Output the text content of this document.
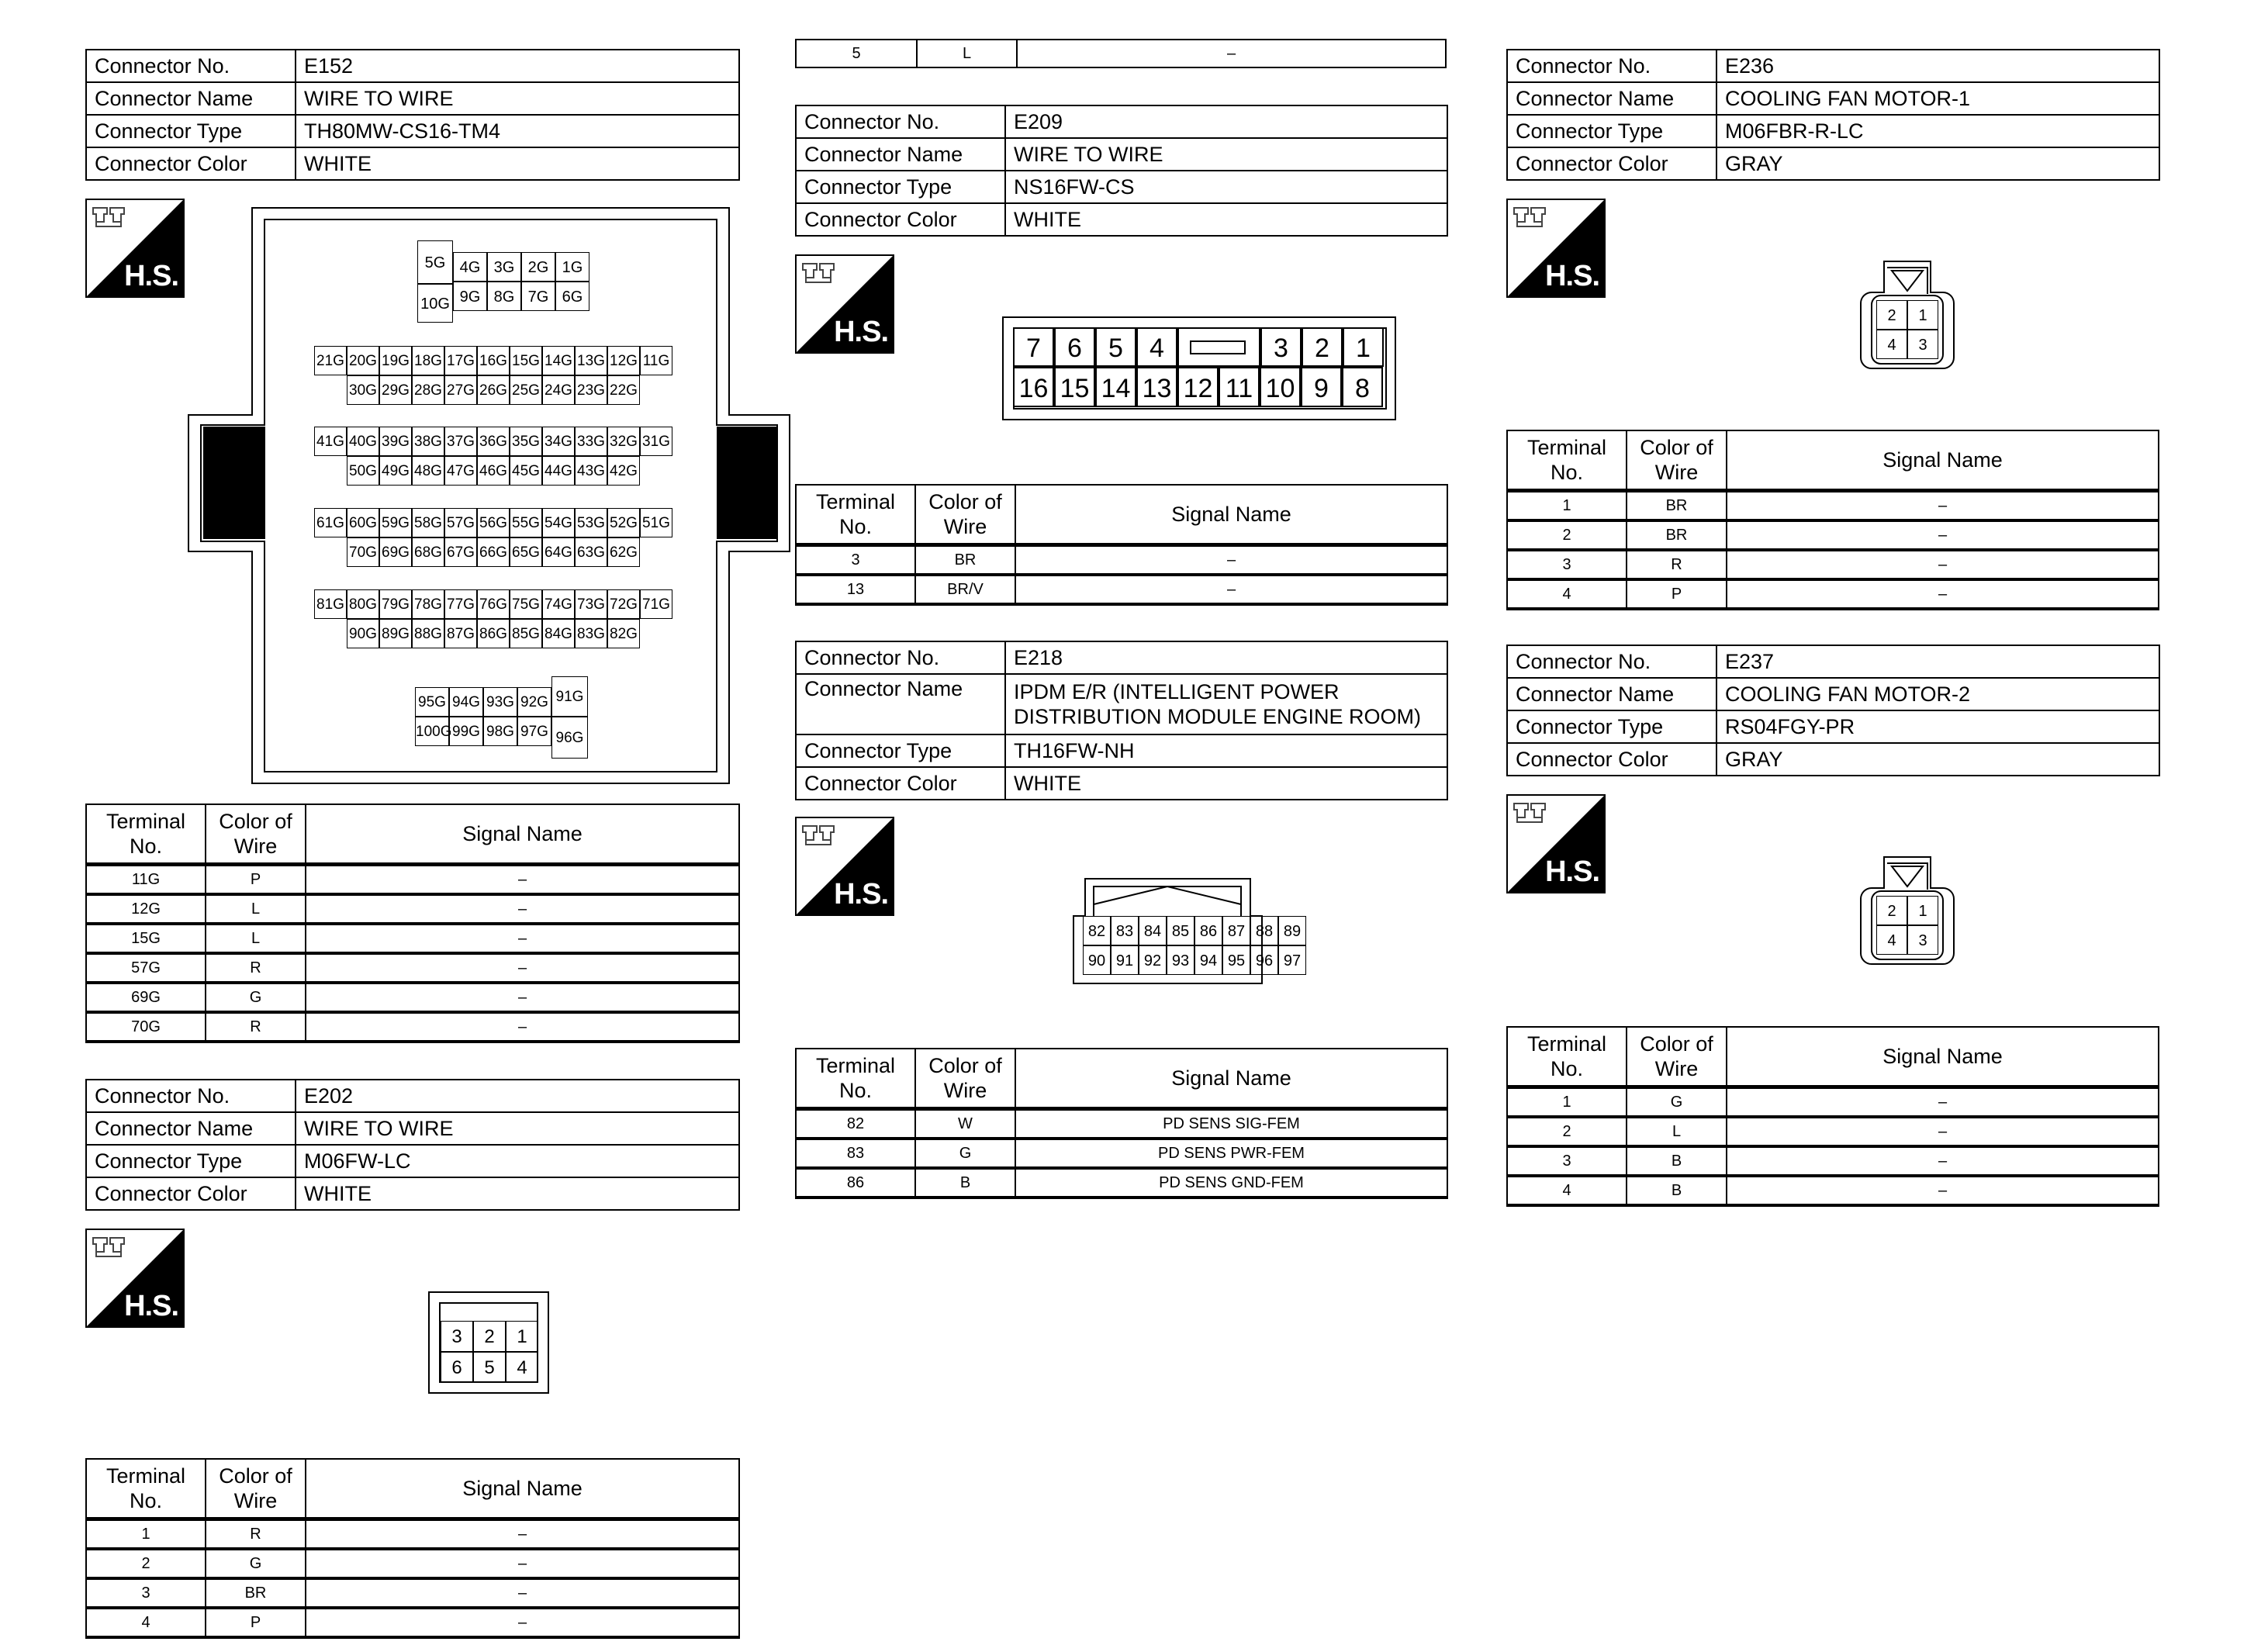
Connector No.	E152
Connector Name	WIRE TO WIRE
Connector Type	TH80MW-CS16-TM4
Connector Color	WHITE
H.S.	5G
10G
4G 3G 2G 1G
9G 8G 7G 6G
21G 20G 19G 18G 17G 16G 15G 14G 13G 12G 11G
30G 29G 28G 27G 26G 25G 24G 23G 22G
41G 40G 39G 38G 37G 36G 35G 34G 33G 32G 31G
50G 49G 48G 47G 46G 45G 44G 43G 42G
61G 60G 59G 58G 57G 56G 55G 54G 53G 52G 51G
70G 69G 68G 67G 66G 65G 64G 63G 62G
81G 80G 79G 78G 77G 76G 75G 74G 73G 72G 71G
90G 89G 88G 87G 86G 85G 84G 83G 82G
95G 94G 93G 92G
100G 99G 98G 97G
91G
96G
Terminal No.	Color of Wire	Signal Name
11G	P	–
12G	L	–
15G	L	–
57G	R	–
69G	G	–
70G	R	–
Connector No.	E202
Connector Name	WIRE TO WIRE
Connector Type	M06FW-LC
Connector Color	WHITE
H.S.
3	2	1
6	5	4
Terminal No.	Color of Wire	Signal Name
1	R	–
2	G	–
3	BR	–
4	P	–
5	L	–
Connector No.	E209
Connector Name	WIRE TO WIRE
Connector Type	NS16FW-CS
Connector Color	WHITE
H.S.	7	6	5	4	3	2	1
16 15 14 13 12 11 10 9	8
Terminal No.	Color of Wire	Signal Name
3	BR	–
13	BR/V	–
Connector No.	E218
Connector Name	IPDM E/R (INTELLIGENT POWER DISTRIBUTION MODULE ENGINE ROOM)
Connector Type	TH16FW-NH
Connector Color	WHITE
H.S.
82 83 84 85 86 87 88 89
90 91 92 93 94 95 96 97
Terminal No.	Color of Wire	Signal Name
82	W	PD SENS SIG-FEM
83	G	PD SENS PWR-FEM
86	B	PD SENS GND-FEM
Connector No.	E236
Connector Name	COOLING FAN MOTOR-1
Connector Type	M06FBR-R-LC
Connector Color	GRAY
H.S.
2	1
4	3
Terminal No.	Color of Wire	Signal Name
1	BR	–
2	BR	–
3	R	–
4	P	–
Connector No.	E237
Connector Name	COOLING FAN MOTOR-2
Connector Type	RS04FGY-PR
Connector Color	GRAY
H.S.
2	1
4	3
Terminal No.	Color of Wire	Signal Name
1	G	–
2	L	–
3	B	–
4	B	–
